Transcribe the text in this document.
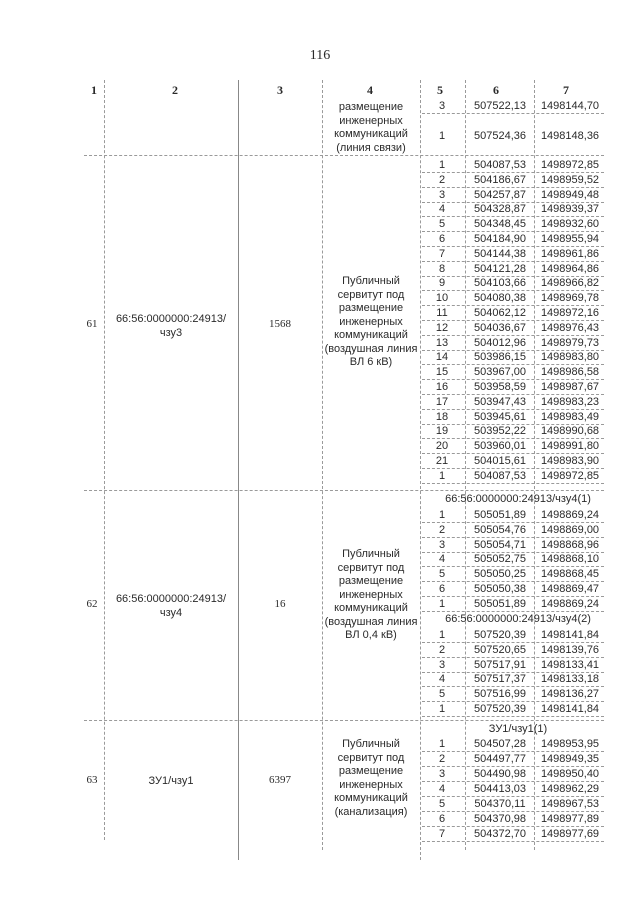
116
1	2	3	4	5	6	7
размещение инженерных коммуникаций (линия связи)
3	507522,13	1498144,70
1	507524,36	1498148,36
61	66:56:0000000:24913/ чзу3
1568
Публичный сервитут под размещение инженерных коммуникаций (воздушная линия ВЛ 6 кВ)
1	504087,53	1498972,85
2	504186,67	1498959,52
3	504257,87	1498949,48
4	504328,87	1498939,37
5	504348,45	1498932,60
6	504184,90	1498955,94
7	504144,38	1498961,86
8	504121,28	1498964,86
9	504103,66	1498966,82
10	504080,38	1498969,78
11	504062,12	1498972,16
12	504036,67	1498976,43
13	504012,96	1498979,73
14	503986,15	1498983,80
15	503967,00	1498986,58
16	503958,59	1498987,67
17	503947,43	1498983,23
18	503945,61	1498983,49
19	503952,22	1498990,68
20	503960,01	1498991,80
21	504015,61	1498983,90
1	504087,53	1498972,85
62	66:56:0000000:24913/ чзу4
16
Публичный сервитут под размещение инженерных коммуникаций (воздушная линия ВЛ 0,4 кВ)
66:56:0000000:24913/чзу4(1)
1	505051,89	1498869,24
2	505054,76	1498869,00
3	505054,71	1498868,96
4	505052,75	1498868,10
5	505050,25	1498868,45
6	505050,38	1498869,47
1	505051,89	1498869,24
66:56:0000000:24913/чзу4(2)
1	507520,39	1498141,84
2	507520,65	1498139,76
3	507517,91	1498133,41
4	507517,37	1498133,18
5	507516,99	1498136,27
1	507520,39	1498141,84
63	ЗУ1/чзу1	6397
Публичный сервитут под размещение инженерных коммуникаций (канализация)
ЗУ1/чзу1(1)
1	504507,28	1498953,95
2	504497,77	1498949,35
3	504490,98	1498950,40
4	504413,03	1498962,29
5	504370,11	1498967,53
6	504370,98	1498977,89
7	504372,70	1498977,69
